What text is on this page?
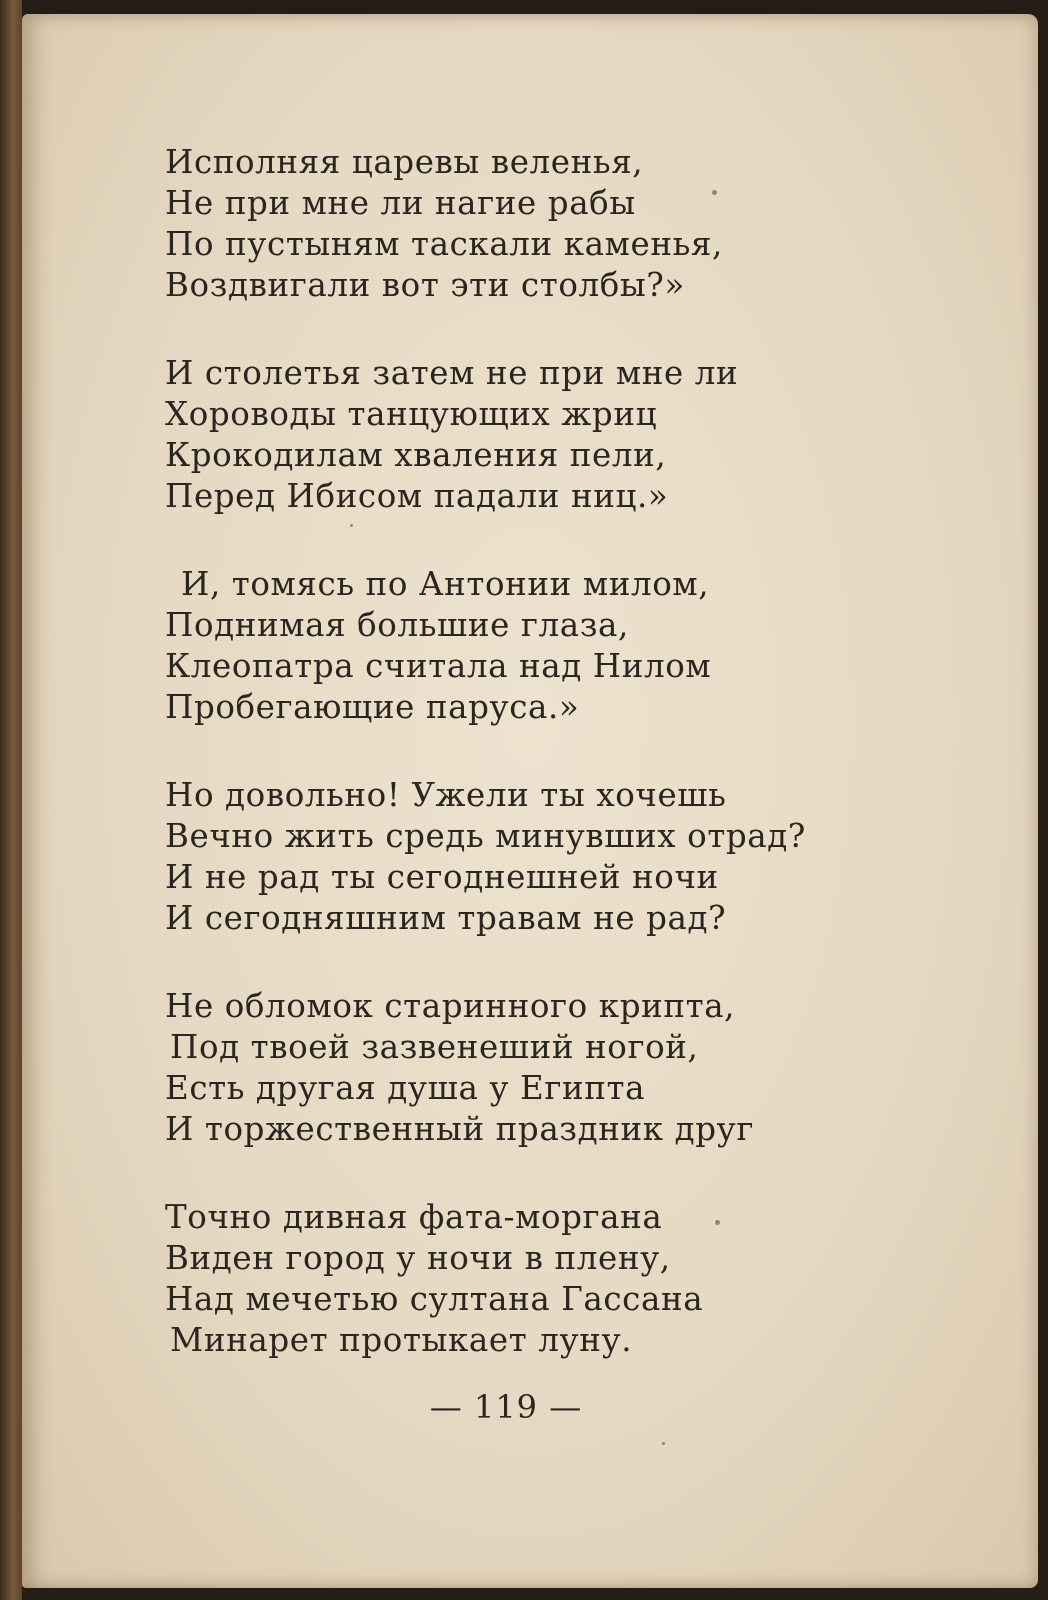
Исполняя царевы веленья,
Не при мне ли нагие рабы
По пустыням таскали каменья,
Воздвигали вот эти столбы?»
И столетья затем не при мне ли
Хороводы танцующих жриц
Крокодилам хваления пели,
Перед Ибисом падали ниц.»
И, томясь по Антонии милом,
Поднимая большие глаза,
Клеопатра считала над Нилом
Пробегающие паруса.»
Но довольно! Ужели ты хочешь
Вечно жить средь минувших отрад?
И не рад ты сегоднешней ночи
И сегодняшним травам не рад?
Не обломок старинного крипта,
Под твоей зазвенеший ногой,
Есть другая душа у Египта
И торжественный праздник друг
Точно дивная фата-моргана
Виден город у ночи в плену,
Над мечетью султана Гассана
Минарет протыкает луну.
— 119 —
